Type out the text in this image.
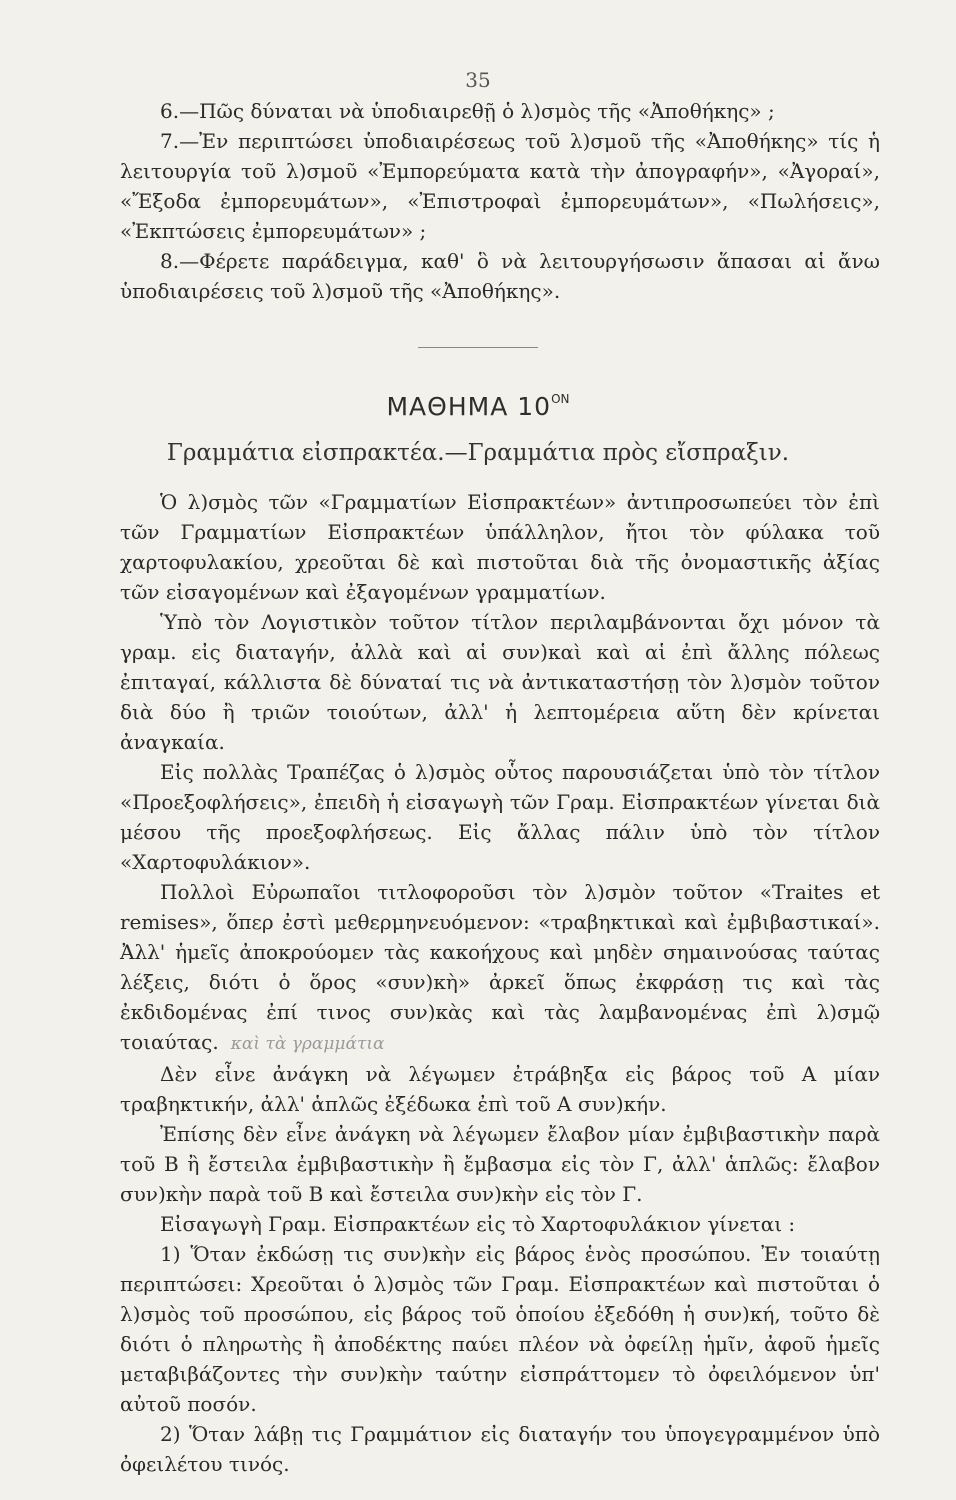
35

6.—Πῶς δύναται νὰ ὑποδιαιρεθῇ ὁ λ)σμὸς τῆς «Ἀποθήκης» ;

7.—Ἐν περιπτώσει ὑποδιαιρέσεως τοῦ λ)σμοῦ τῆς «Ἀποθήκης» τίς ἡ λειτουργία τοῦ λ)σμοῦ «Ἐμπορεύματα κατὰ τὴν ἀπογραφήν», «Ἀγοραί», «Ἔξοδα ἐμπορευμάτων», «Ἐπιστροφαὶ ἐμπορευμάτων», «Πωλήσεις», «Ἐκπτώσεις ἐμπορευμάτων» ;

8.—Φέρετε παράδειγμα, καθ' ὃ νὰ λειτουργήσωσιν ἅπασαι αἱ ἄνω ὑποδιαιρέσεις τοῦ λ)σμοῦ τῆς «Ἀποθήκης».

ΜΑΘΗΜΑ $10^{ON}$
Γραμμάτια εἰσπρακτέα.—Γραμμάτια πρὸς εἴσπραξιν.

Ὁ λ)σμὸς τῶν «Γραμματίων Εἰσπρακτέων» ἀντιπροσωπεύει τὸν ἐπὶ τῶν Γραμματίων Εἰσπρακτέων ὑπάλληλον, ἤτοι τὸν φύλακα τοῦ χαρτοφυλακίου, χρεοῦται δὲ καὶ πιστοῦται διὰ τῆς ὀνομαστικῆς ἀξίας τῶν εἰσαγομένων καὶ ἐξαγομένων γραμματίων.

Ὑπὸ τὸν Λογιστικὸν τοῦτον τίτλον περιλαμβάνονται ὄχι μόνον τὰ γραμ. εἰς διαταγήν, ἀλλὰ καὶ αἱ συν)καὶ καὶ αἱ ἐπὶ ἄλλης πόλεως ἐπιταγαί, κάλλιστα δὲ δύναταί τις νὰ ἀντικαταστήσῃ τὸν λ)σμὸν τοῦτον διὰ δύο ἢ τριῶν τοιούτων, ἀλλ' ἡ λεπτομέρεια αὕτη δὲν κρίνεται ἀναγκαία.

Εἰς πολλὰς Τραπέζας ὁ λ)σμὸς οὗτος παρουσιάζεται ὑπὸ τὸν τίτλον «Προεξοφλήσεις», ἐπειδὴ ἡ εἰσαγωγὴ τῶν Γραμ. Εἰσπρακτέων γίνεται διὰ μέσου τῆς προεξοφλήσεως. Εἰς ἄλλας πάλιν ὑπὸ τὸν τίτλον «Χαρτοφυλάκιον».

Πολλοὶ Εὐρωπαῖοι τιτλοφοροῦσι τὸν λ)σμὸν τοῦτον «Traites et remises», ὅπερ ἐστὶ μεθερμηνευόμενον: «τραβηκτικαὶ καὶ ἐμβιβαστικαί». Ἀλλ' ἡμεῖς ἀποκρούομεν τὰς κακοήχους καὶ μηδὲν σημαινούσας ταύτας λέξεις, διότι ὁ ὅρος «συν)κὴ» ἀρκεῖ ὅπως ἐκφράσῃ τις καὶ τὰς ἐκδιδομένας ἐπί τινος συν)κὰς καὶ τὰς λαμβανομένας ἐπὶ λ)σμῷ τοιαύτας. καὶ τὰ γραμμάτια

Δὲν εἶνε ἀνάγκη νὰ λέγωμεν ἐτράβηξα εἰς βάρος τοῦ Α μίαν τραβηκτικήν, ἀλλ' ἁπλῶς ἐξέδωκα ἐπὶ τοῦ Α συν)κήν.

Ἐπίσης δὲν εἶνε ἀνάγκη νὰ λέγωμεν ἔλαβον μίαν ἐμβιβαστικὴν παρὰ τοῦ Β ἢ ἔστειλα ἐμβιβαστικὴν ἢ ἔμβασμα εἰς τὸν Γ, ἀλλ' ἁπλῶς: ἔλαβον συν)κὴν παρὰ τοῦ Β καὶ ἔστειλα συν)κὴν εἰς τὸν Γ.

Εἰσαγωγὴ Γραμ. Εἰσπρακτέων εἰς τὸ Χαρτοφυλάκιον γίνεται :

1) Ὅταν ἐκδώσῃ τις συν)κὴν εἰς βάρος ἑνὸς προσώπου. Ἐν τοιαύτῃ περιπτώσει: Χρεοῦται ὁ λ)σμὸς τῶν Γραμ. Εἰσπρακτέων καὶ πιστοῦται ὁ λ)σμὸς τοῦ προσώπου, εἰς βάρος τοῦ ὁποίου ἐξεδόθη ἡ συν)κή, τοῦτο δὲ διότι ὁ πληρωτὴς ἢ ἀποδέκτης παύει πλέον νὰ ὀφείλῃ ἡμῖν, ἀφοῦ ἡμεῖς μεταβιβάζοντες τὴν συν)κὴν ταύτην εἰσπράττομεν τὸ ὀφειλόμενον ὑπ' αὐτοῦ ποσόν.

2) Ὅταν λάβῃ τις Γραμμάτιον εἰς διαταγήν του ὑπογεγραμμένον ὑπὸ ὀφειλέτου τινός.
